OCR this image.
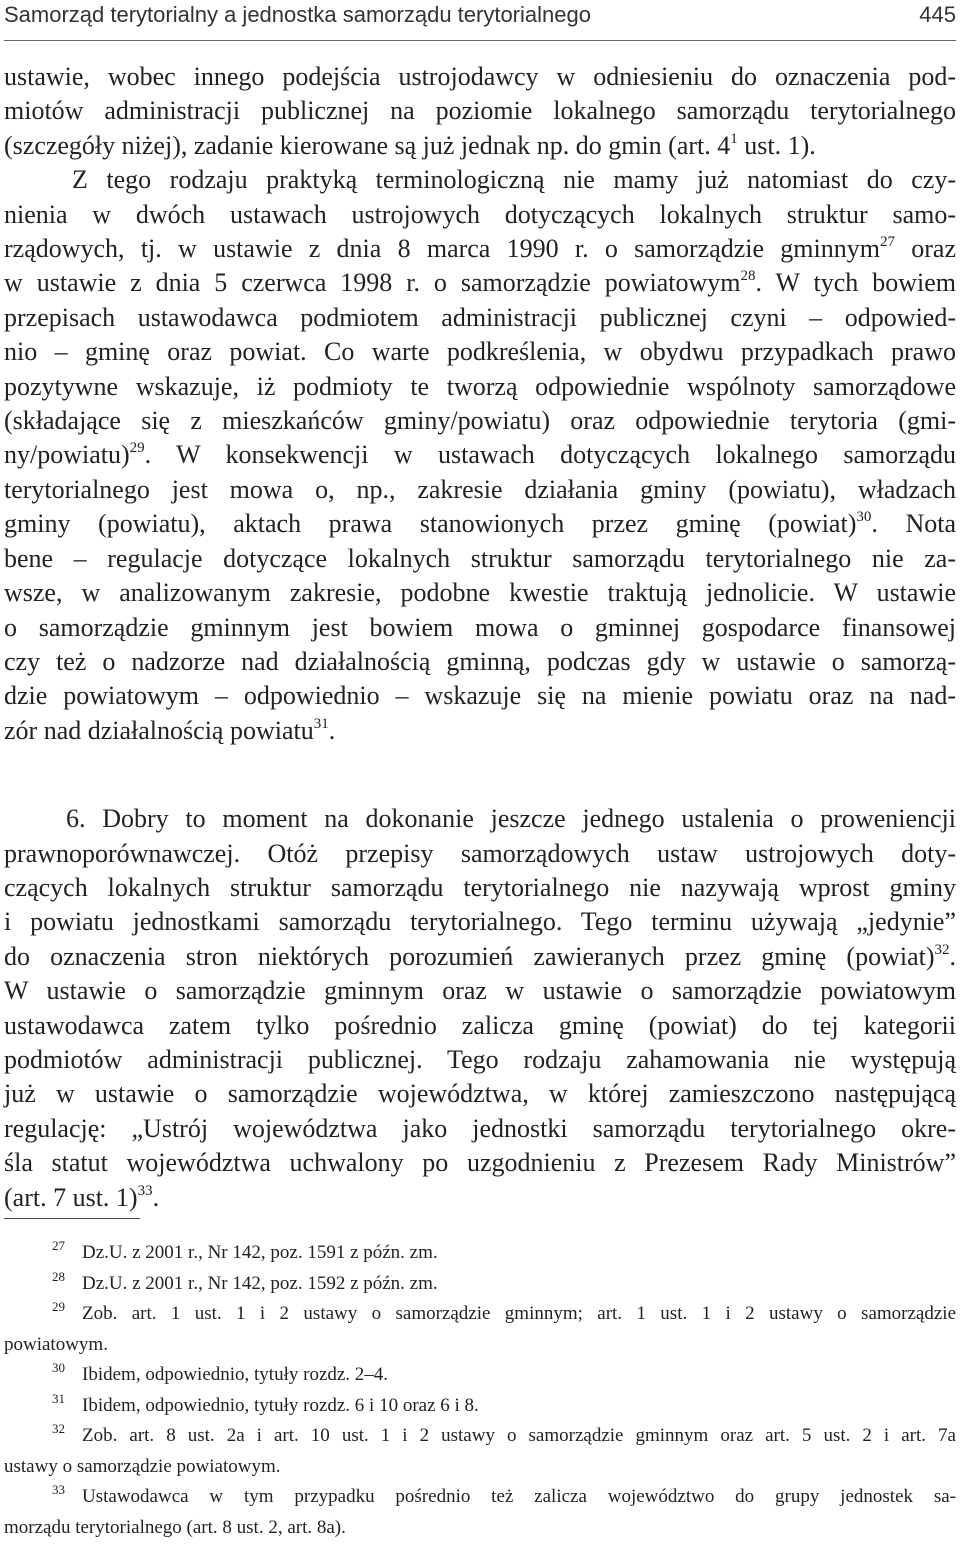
Samorząd terytorialny a jednostka samorządu terytorialnego	445
ustawie, wobec innego podejścia ustrojodawcy w odniesieniu do oznaczenia pod-
miotów administracji publicznej na poziomie lokalnego samorządu terytorialnego
(szczegóły niżej), zadanie kierowane są już jednak np. do gmin (art. $4^1$ ust. 1).
Z tego rodzaju praktyką terminologiczną nie mamy już natomiast do czy-
nienia w dwóch ustawach ustrojowych dotyczących lokalnych struktur samo-
rządowych, tj. w ustawie z dnia 8 marca 1990 r. o samorządzie gminnym$^{27}$ oraz
w ustawie z dnia 5 czerwca 1998 r. o samorządzie powiatowym$^{28}$. W tych bowiem
przepisach ustawodawca podmiotem administracji publicznej czyni – odpowied-
nio – gminę oraz powiat. Co warte podkreślenia, w obydwu przypadkach prawo
pozytywne wskazuje, iż podmioty te tworzą odpowiednie wspólnoty samorządowe
(składające się z mieszkańców gminy/powiatu) oraz odpowiednie terytoria (gmi-
ny/powiatu)$^{29}$. W konsekwencji w ustawach dotyczących lokalnego samorządu
terytorialnego jest mowa o, np., zakresie działania gminy (powiatu), władzach
gminy (powiatu), aktach prawa stanowionych przez gminę (powiat)$^{30}$. Nota
bene – regulacje dotyczące lokalnych struktur samorządu terytorialnego nie za-
wsze, w analizowanym zakresie, podobne kwestie traktują jednolicie. W ustawie
o samorządzie gminnym jest bowiem mowa o gminnej gospodarce finansowej
czy też o nadzorze nad działalnością gminną, podczas gdy w ustawie o samorzą-
dzie powiatowym – odpowiednio – wskazuje się na mienie powiatu oraz na nad-
zór nad działalnością powiatu$^{31}$.
6. Dobry to moment na dokonanie jeszcze jednego ustalenia o proweniencji
prawnoporównawczej. Otóż przepisy samorządowych ustaw ustrojowych doty-
czących lokalnych struktur samorządu terytorialnego nie nazywają wprost gminy
i powiatu jednostkami samorządu terytorialnego. Tego terminu używają „jedynie”
do oznaczenia stron niektórych porozumień zawieranych przez gminę (powiat)$^{32}$.
W ustawie o samorządzie gminnym oraz w ustawie o samorządzie powiatowym
ustawodawca zatem tylko pośrednio zalicza gminę (powiat) do tej kategorii
podmiotów administracji publicznej. Tego rodzaju zahamowania nie występują
już w ustawie o samorządzie województwa, w której zamieszczono następującą
regulację: „Ustrój województwa jako jednostki samorządu terytorialnego okre-
śla statut województwa uchwalony po uzgodnieniu z Prezesem Rady Ministrów”
(art. 7 ust. 1)$^{33}$.
$^{27}$ Dz.U. z 2001 r., Nr 142, poz. 1591 z późn. zm.
$^{28}$ Dz.U. z 2001 r., Nr 142, poz. 1592 z późn. zm.
$^{29}$ Zob. art. 1 ust. 1 i 2 ustawy o samorządzie gminnym; art. 1 ust. 1 i 2 ustawy o samorządzie
powiatowym.
$^{30}$ Ibidem, odpowiednio, tytuły rozdz. 2–4.
$^{31}$ Ibidem, odpowiednio, tytuły rozdz. 6 i 10 oraz 6 i 8.
$^{32}$ Zob. art. 8 ust. 2a i art. 10 ust. 1 i 2 ustawy o samorządzie gminnym oraz art. 5 ust. 2 i art. 7a
ustawy o samorządzie powiatowym.
$^{33}$ Ustawodawca w tym przypadku pośrednio też zalicza województwo do grupy jednostek sa-
morządu terytorialnego (art. 8 ust. 2, art. 8a).
